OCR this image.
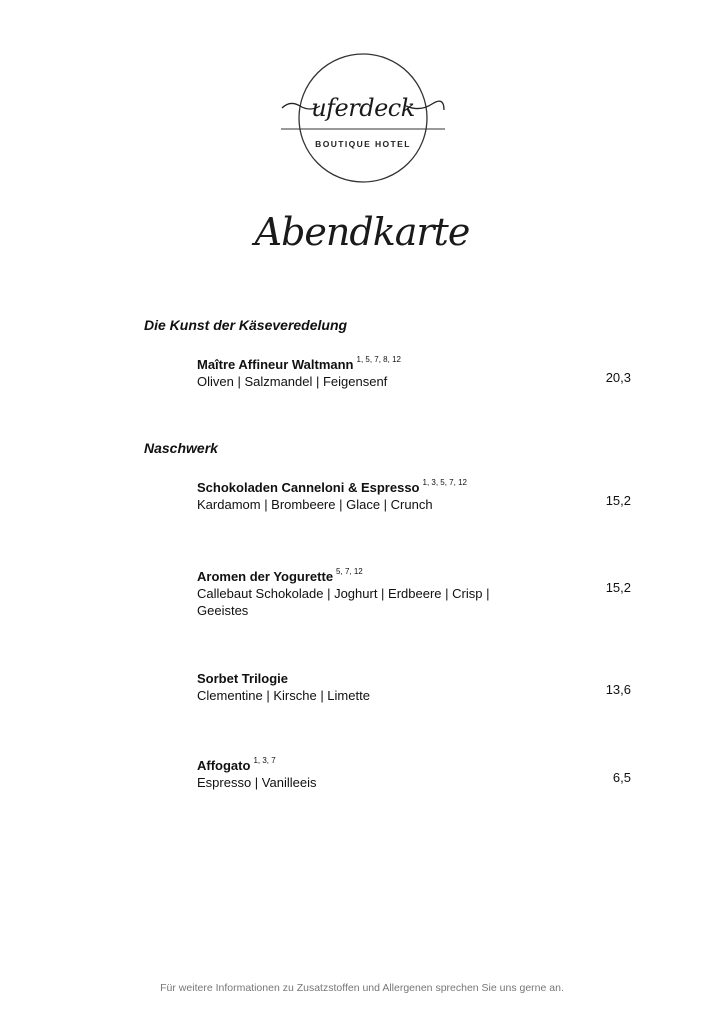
uferdeck
BOUTIQUE HOTEL
Abendkarte
Die Kunst der Käseveredelung
Maître Affineur Waltmann $^{1, 5, 7, 8, 12}$
Oliven | Salzmandel | Feigensenf	20,3
Naschwerk
Schokoladen Canneloni & Espresso $^{1, 3, 5, 7, 12}$
Kardamom | Brombeere | Glace | Crunch	15,2
Aromen der Yogurette $^{5, 7, 12}$
Callebaut Schokolade | Joghurt | Erdbeere | Crisp | Geeistes
15,2
Sorbet Trilogie
Clementine | Kirsche | Limette	13,6
Affogato $^{1, 3, 7}$
Espresso | Vanilleeis	6,5
Für weitere Informationen zu Zusatzstoffen und Allergenen sprechen Sie uns gerne an.
